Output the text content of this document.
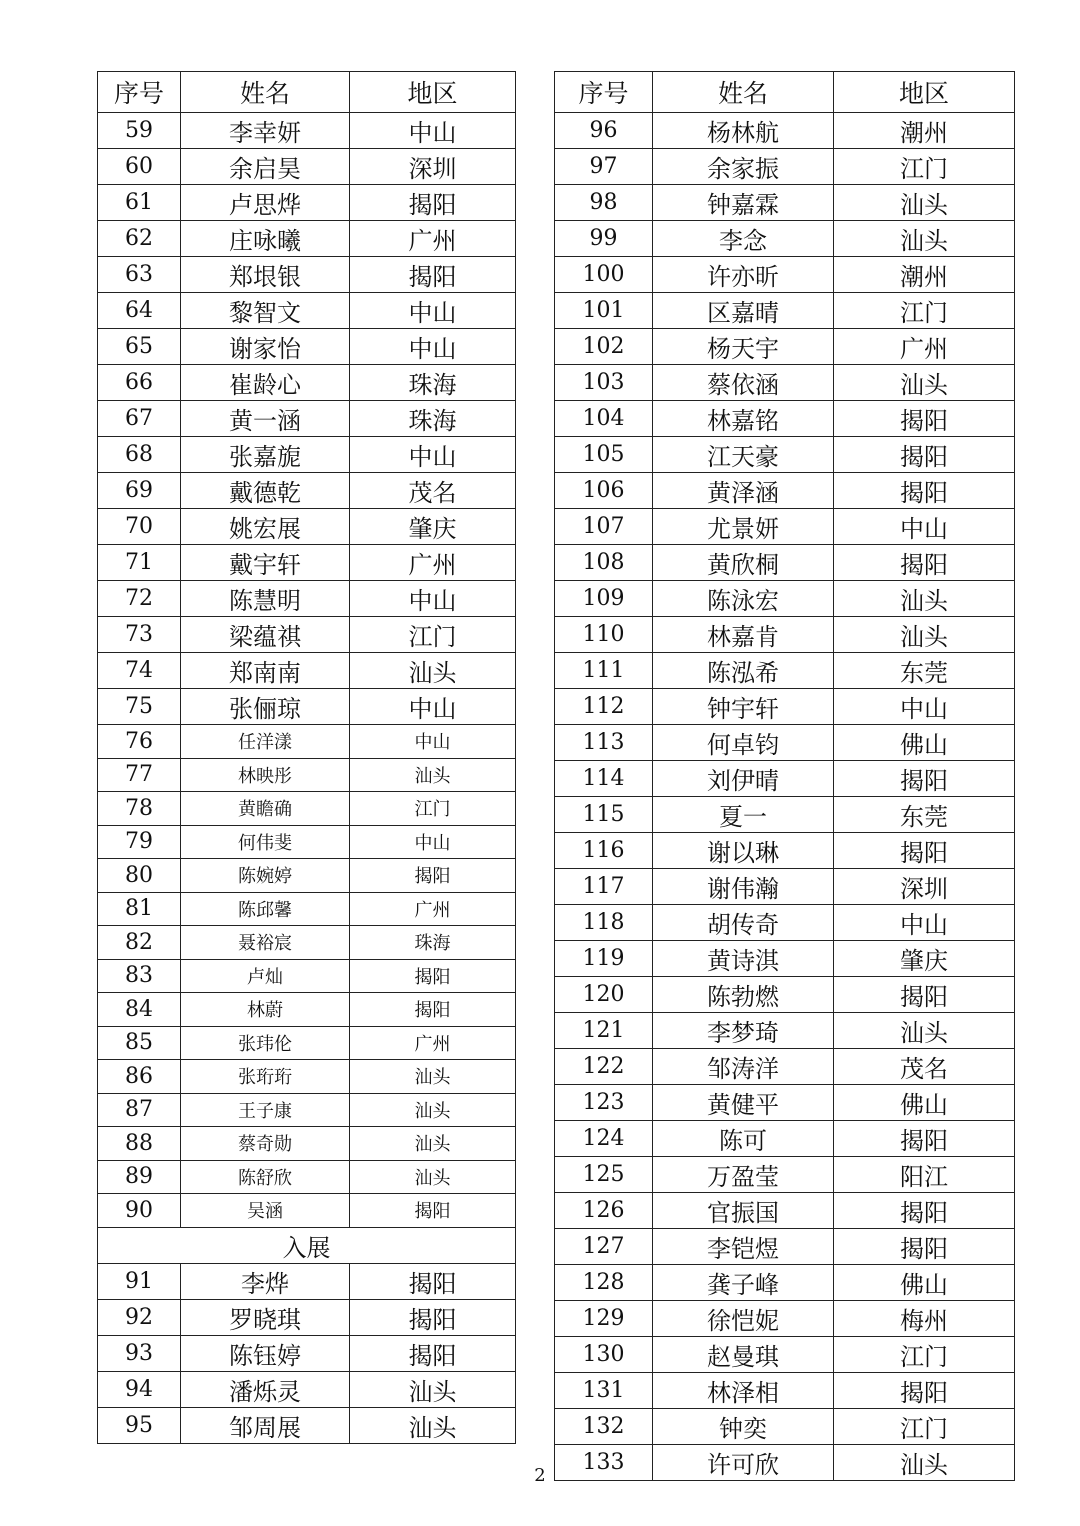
序号	姓名	地区
59	李幸妍	中山
60	余启昊	深圳
61	卢思烨	揭阳
62	庄咏曦	广州
63	郑垠银	揭阳
64	黎智文	中山
65	谢家怡	中山
66	崔龄心	珠海
67	黄一涵	珠海
68	张嘉旎	中山
69	戴德乾	茂名
70	姚宏展	肇庆
71	戴宇轩	广州
72	陈慧明	中山
73	梁蕴祺	江门
74	郑南南	汕头
75	张俪琼	中山
76	任洋漾	中山
77	林映彤	汕头
78	黄瞻确	江门
79	何伟斐	中山
80	陈婉婷	揭阳
81	陈邱馨	广州
82	聂裕宸	珠海
83	卢灿	揭阳
84	林蔚	揭阳
85	张玮伦	广州
86	张珩珩	汕头
87	王子康	汕头
88	蔡奇勋	汕头
89	陈舒欣	汕头
90	吴涵	揭阳
入展		
91	李烨	揭阳
92	罗晓琪	揭阳
93	陈钰婷	揭阳
94	潘烁灵	汕头
95	邹周展	汕头
序号	姓名	地区
96	杨林航	潮州
97	余家振	江门
98	钟嘉霖	汕头
99	李念	汕头
100	许亦昕	潮州
101	区嘉晴	江门
102	杨天宇	广州
103	蔡依涵	汕头
104	林嘉铭	揭阳
105	江天豪	揭阳
106	黄泽涵	揭阳
107	尤景妍	中山
108	黄欣桐	揭阳
109	陈泳宏	汕头
110	林嘉肯	汕头
111	陈泓希	东莞
112	钟宇轩	中山
113	何卓钧	佛山
114	刘伊晴	揭阳
115	夏一	东莞
116	谢以琳	揭阳
117	谢伟瀚	深圳
118	胡传奇	中山
119	黄诗淇	肇庆
120	陈勃燃	揭阳
121	李梦琦	汕头
122	邹涛洋	茂名
123	黄健平	佛山
124	陈可	揭阳
125	万盈莹	阳江
126	官振国	揭阳
127	李铠煜	揭阳
128	龚子峰	佛山
129	徐恺妮	梅州
130	赵曼琪	江门
131	林泽相	揭阳
132	钟奕	江门
133	许可欣	汕头
2
